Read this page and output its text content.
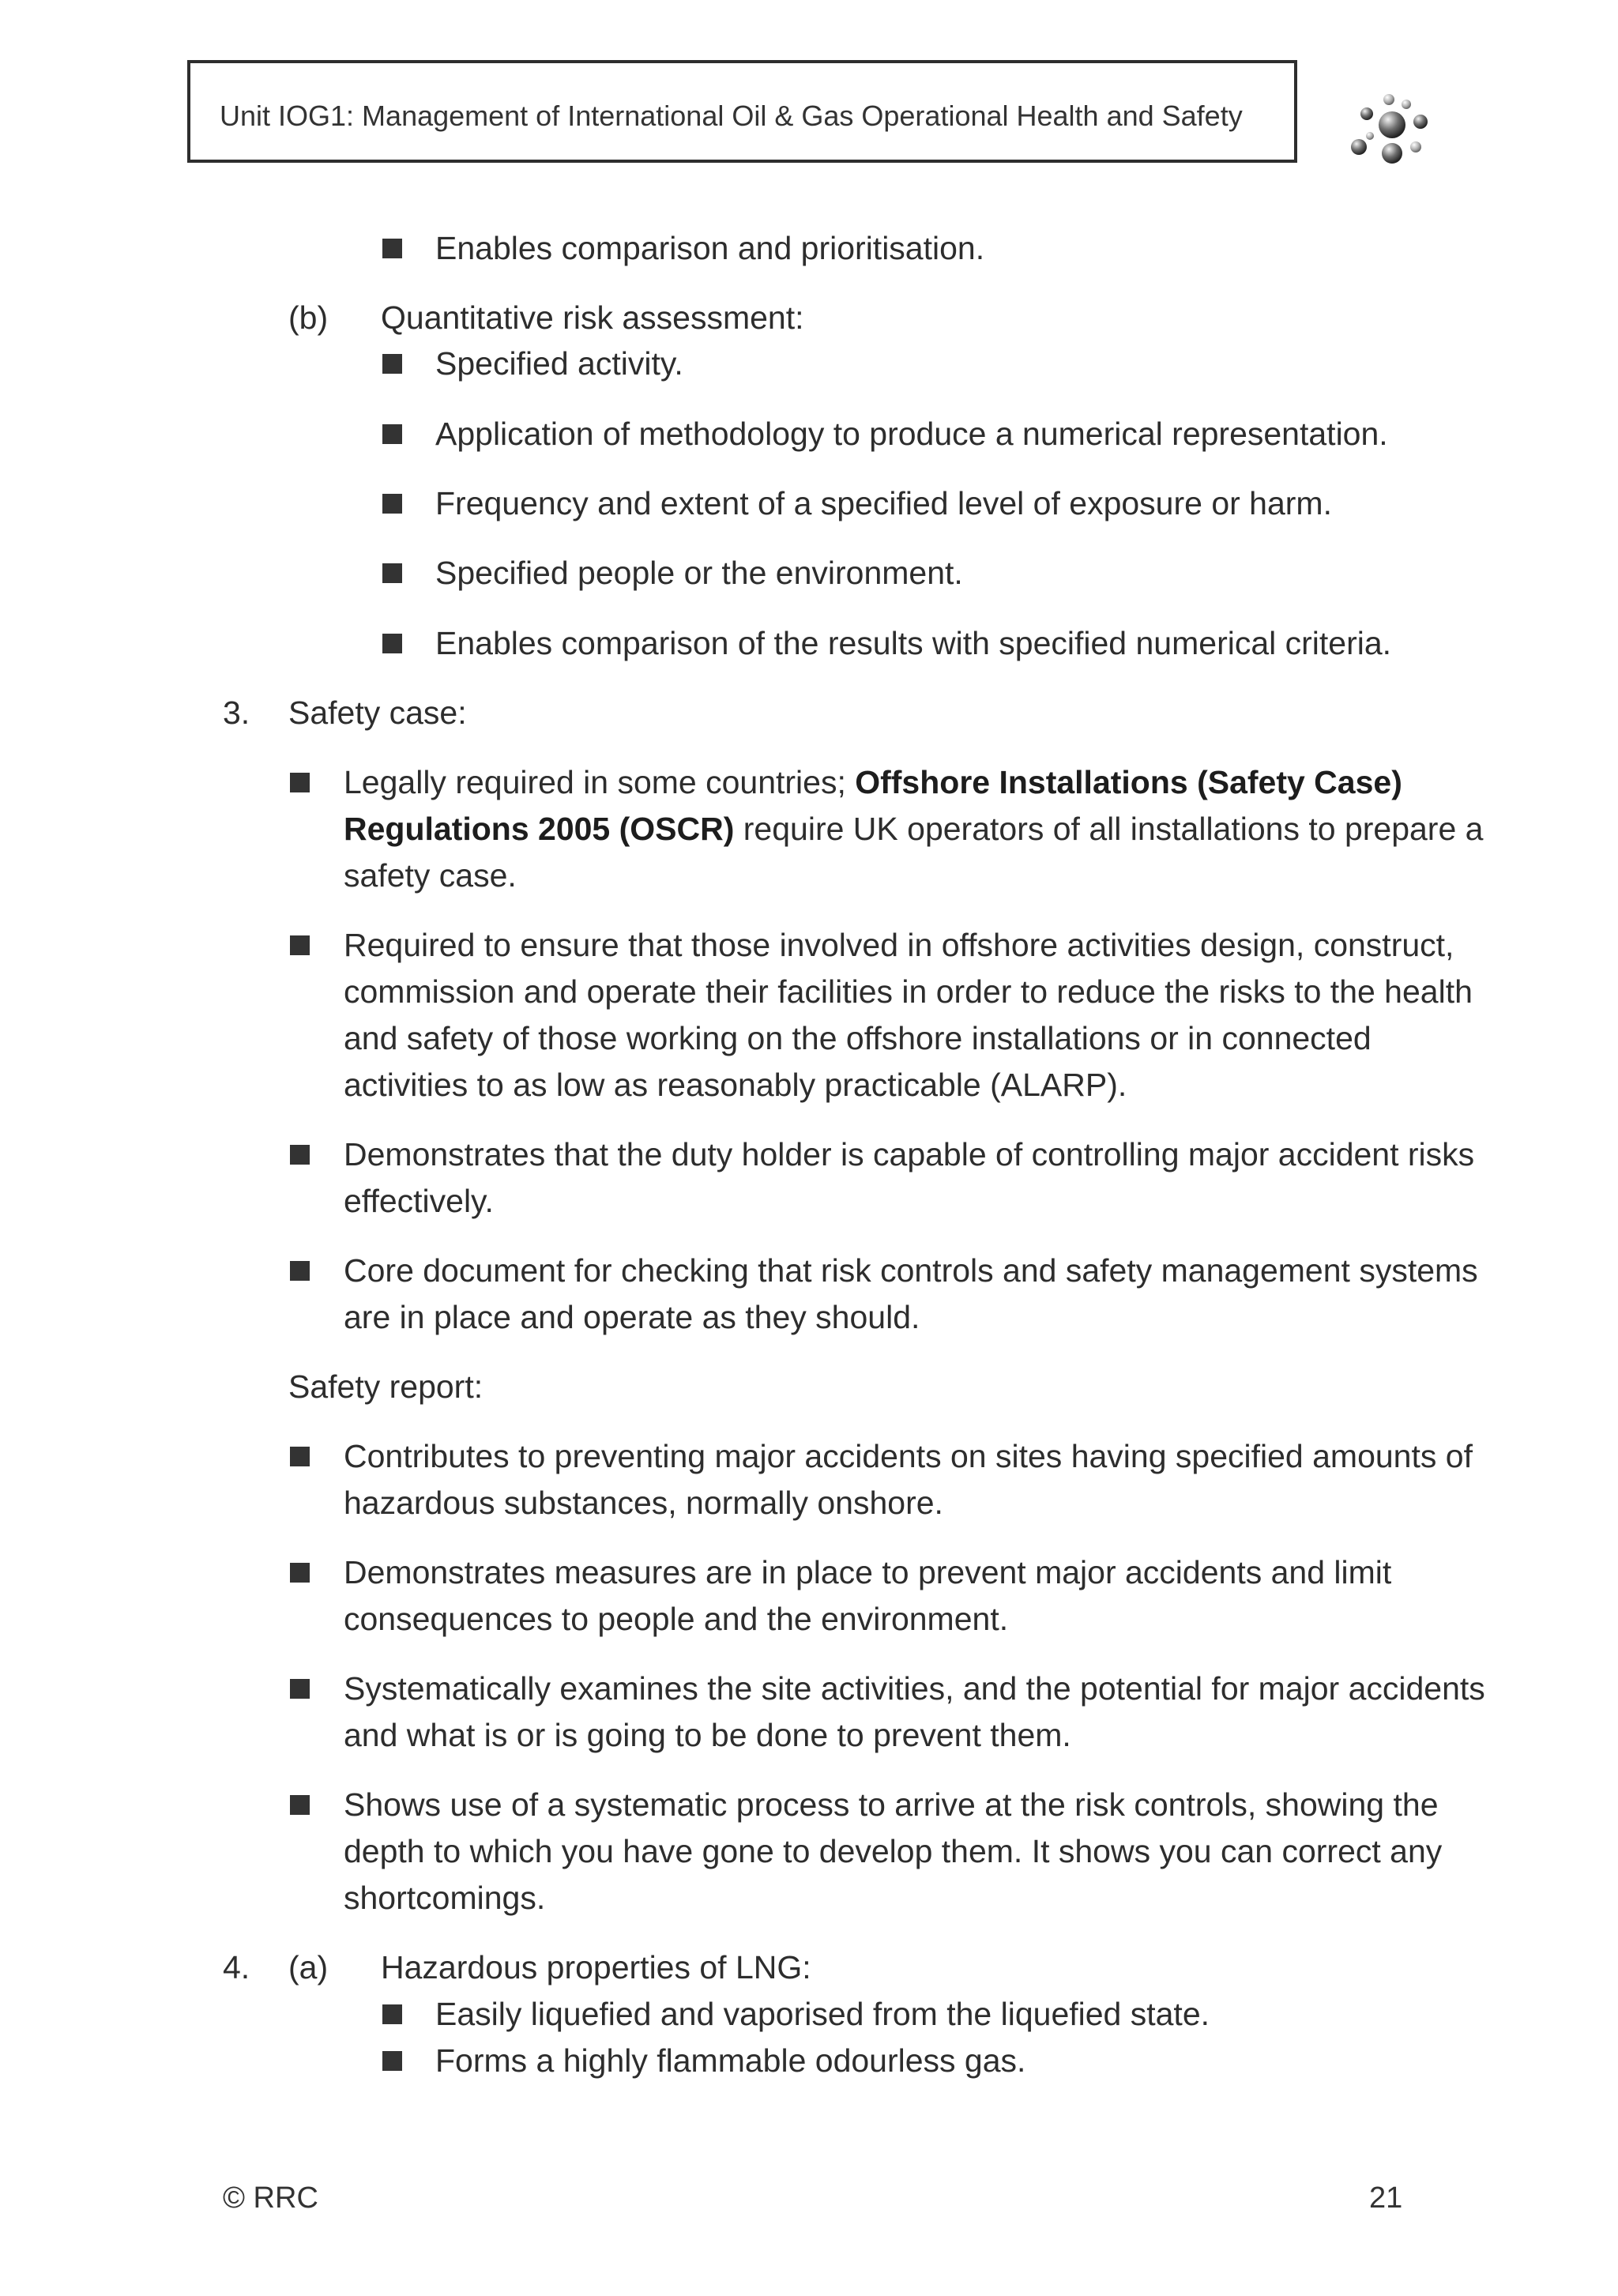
Unit IOG1: Management of International Oil & Gas Operational Health and Safety
Enables comparison and prioritisation.
(b) Quantitative risk assessment:
Specified activity.
Application of methodology to produce a numerical representation.
Frequency and extent of a specified level of exposure or harm.
Specified people or the environment.
Enables comparison of the results with specified numerical criteria.
3. Safety case:
Legally required in some countries; Offshore Installations (Safety Case)
Regulations 2005 (OSCR) require UK operators of all installations to prepare a
safety case.
Required to ensure that those involved in offshore activities design, construct,
commission and operate their facilities in order to reduce the risks to the health
and safety of those working on the offshore installations or in connected
activities to as low as reasonably practicable (ALARP).
Demonstrates that the duty holder is capable of controlling major accident risks
effectively.
Core document for checking that risk controls and safety management systems
are in place and operate as they should.
Safety report:
Contributes to preventing major accidents on sites having specified amounts of
hazardous substances, normally onshore.
Demonstrates measures are in place to prevent major accidents and limit
consequences to people and the environment.
Systematically examines the site activities, and the potential for major accidents
and what is or is going to be done to prevent them.
Shows use of a systematic process to arrive at the risk controls, showing the
depth to which you have gone to develop them. It shows you can correct any
shortcomings.
4. (a) Hazardous properties of LNG:
Easily liquefied and vaporised from the liquefied state.
Forms a highly flammable odourless gas.
© RRC	21
